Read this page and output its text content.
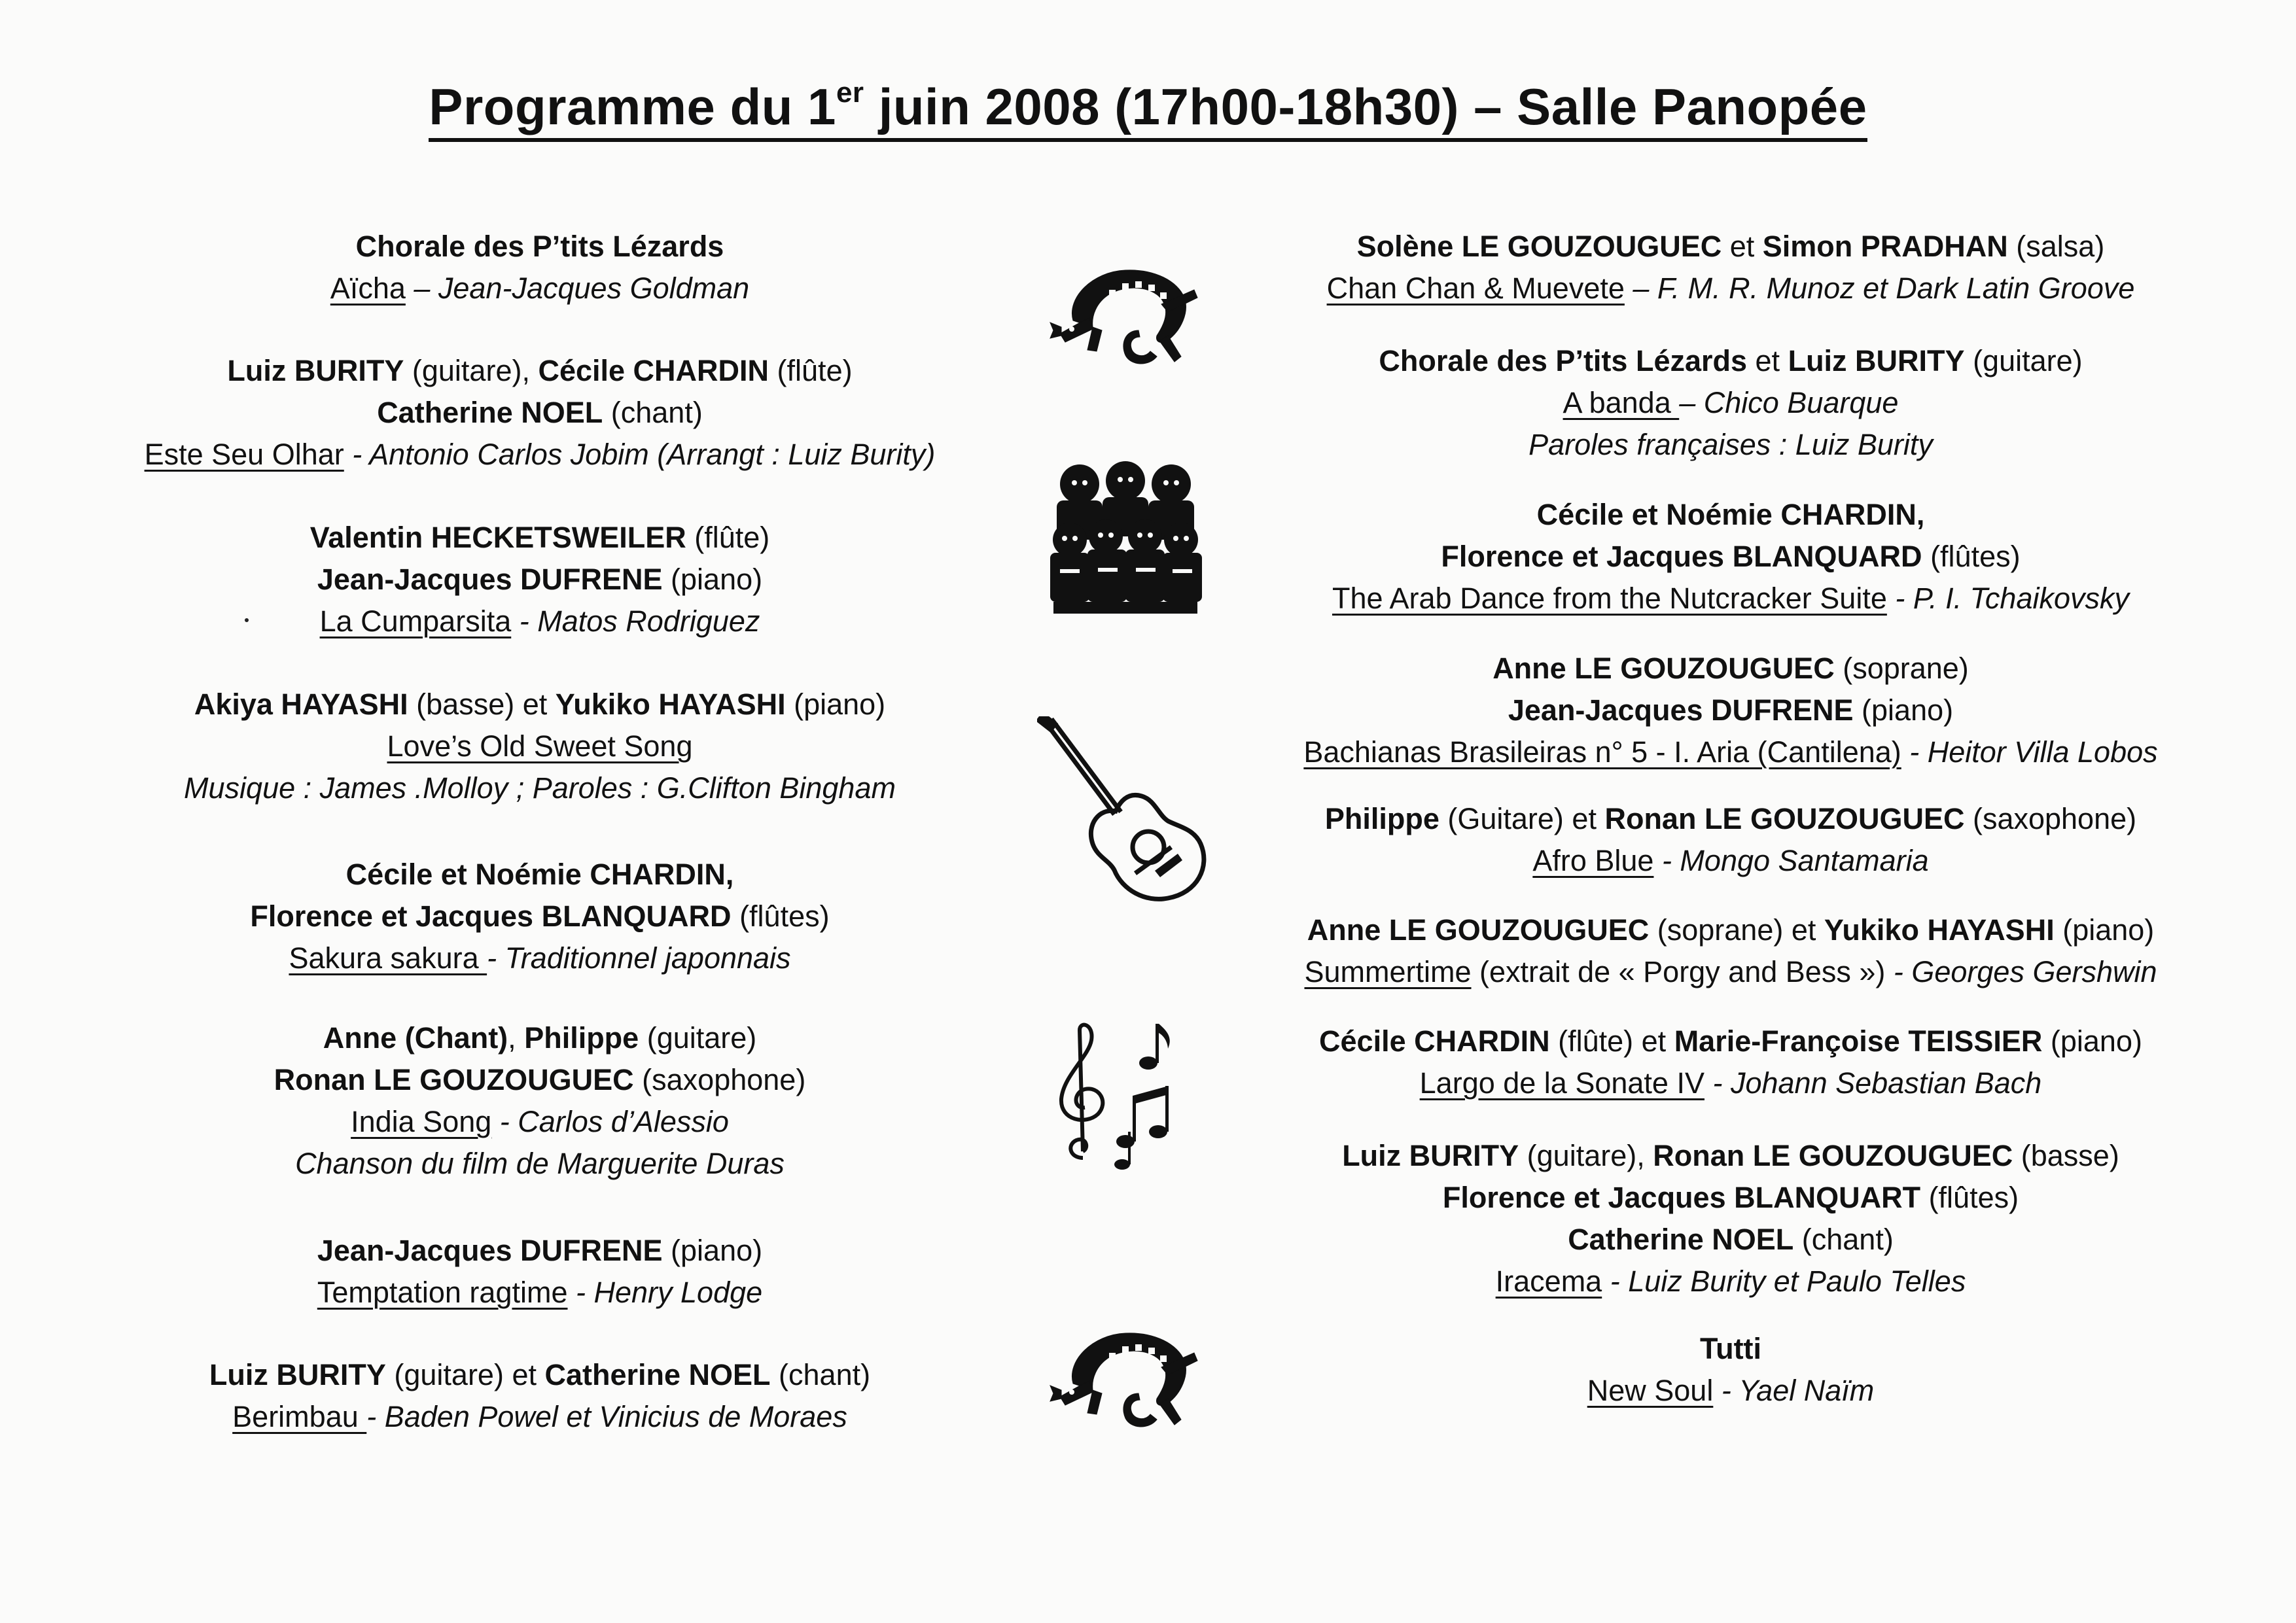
Programme du 1er juin 2008 (17h00-18h30) – Salle Panopée
Chorale des P’tits Lézards
Aïcha – Jean-Jacques Goldman
Luiz BURITY (guitare), Cécile CHARDIN (flûte)
Catherine NOEL (chant)
Este Seu Olhar - Antonio Carlos Jobim (Arrangt : Luiz Burity)
Valentin HECKETSWEILER (flûte)
Jean-Jacques DUFRENE (piano)
La Cumparsita - Matos Rodriguez
Akiya HAYASHI (basse) et Yukiko HAYASHI (piano)
Love’s Old Sweet Song
Musique : James .Molloy ; Paroles : G.Clifton Bingham
Cécile et Noémie CHARDIN,
Florence et Jacques BLANQUARD (flûtes)
Sakura sakura - Traditionnel japonnais
Anne (Chant), Philippe (guitare)
Ronan LE GOUZOUGUEC (saxophone)
India Song - Carlos d’Alessio
Chanson du film de Marguerite Duras
Jean-Jacques DUFRENE (piano)
Temptation ragtime - Henry Lodge
Luiz BURITY (guitare) et Catherine NOEL (chant)
Berimbau - Baden Powel et Vinicius de Moraes
Solène LE GOUZOUGUEC et Simon PRADHAN (salsa)
Chan Chan & Muevete – F. M. R. Munoz et Dark Latin Groove
Chorale des P’tits Lézards et Luiz BURITY (guitare)
A banda – Chico Buarque
Paroles françaises : Luiz Burity
Cécile et Noémie CHARDIN,
Florence et Jacques BLANQUARD (flûtes)
The Arab Dance from the Nutcracker Suite - P. I. Tchaikovsky
Anne LE GOUZOUGUEC (soprane)
Jean-Jacques DUFRENE (piano)
Bachianas Brasileiras n° 5 - I. Aria (Cantilena) - Heitor Villa Lobos
Philippe (Guitare) et Ronan LE GOUZOUGUEC (saxophone)
Afro Blue - Mongo Santamaria
Anne LE GOUZOUGUEC (soprane) et Yukiko HAYASHI (piano)
Summertime (extrait de « Porgy and Bess ») - Georges Gershwin
Cécile CHARDIN (flûte) et Marie-Françoise TEISSIER (piano)
Largo de la Sonate IV - Johann Sebastian Bach
Luiz BURITY (guitare), Ronan LE GOUZOUGUEC (basse)
Florence et Jacques BLANQUART (flûtes)
Catherine NOEL (chant)
Iracema - Luiz Burity et Paulo Telles
Tutti
New Soul - Yael Naïm
